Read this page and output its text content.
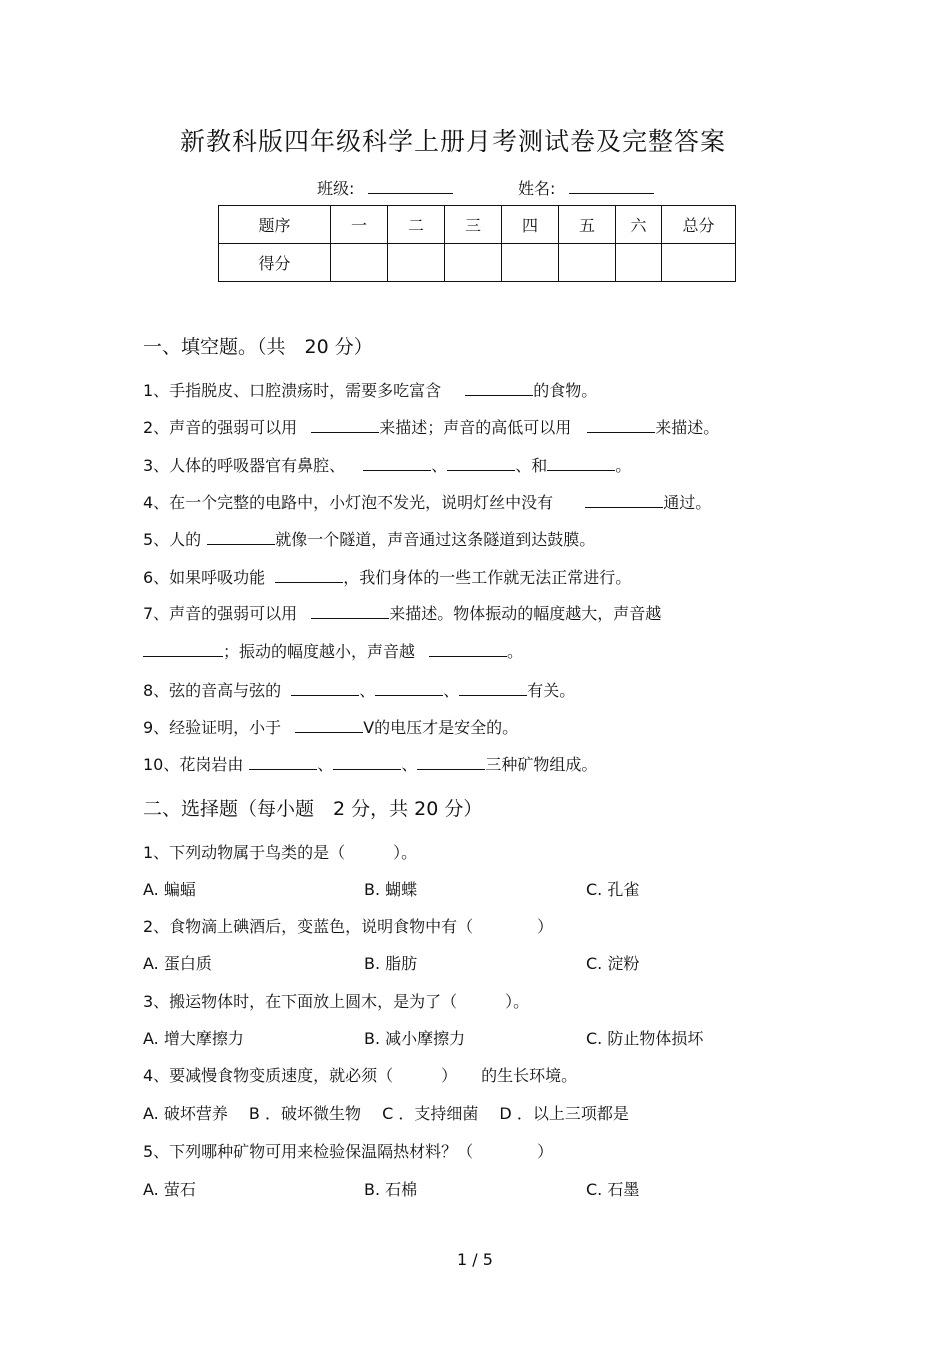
新教科版四年级科学上册月考测试卷及完整答案
班级:	姓名:
题序	一	二	三	四	五	六	总分
得分							
一、填空题。（共　20 分）
1、手指脱皮、口腔溃疡时，需要多吃富含	的食物。
2、声音的强弱可以用	来描述；声音的高低可以用	来描述。
3、人体的呼吸器官有鼻腔、	、	、和	。
4、在一个完整的电路中，小灯泡不发光，说明灯丝中没有	通过。
5、人的	就像一个隧道，声音通过这条隧道到达鼓膜。
6、如果呼吸功能	，我们身体的一些工作就无法正常进行。
7、声音的强弱可以用	来描述。物体振动的幅度越大，声音越
；振动的幅度越小，声音越	。
8、弦的音高与弦的	、	、	有关。
9、经验证明，小于	V的电压才是安全的。
10、花岗岩由	、	、	三种矿物组成。
二、选择题（每小题　2 分，共 20 分）
1、下列动物属于鸟类的是（　　　）。
A. 蝙蝠	B. 蝴蝶	C. 孔雀
2、食物滴上碘酒后，变蓝色，说明食物中有（　　　　）
A. 蛋白质	B. 脂肪	C. 淀粉
3、搬运物体时，在下面放上圆木，是为了（　　　）。
A. 增大摩擦力	B. 减小摩擦力	C. 防止物体损坏
4、要减慢食物变质速度，就必须（　　　）　　的生长环境。
A. 破坏营养　 B ．破坏微生物　 C ．支持细菌　 D ．以上三项都是
5、下列哪种矿物可用来检验保温隔热材料？（　　　　）
A. 萤石	B. 石棉	C. 石墨
1 / 5
